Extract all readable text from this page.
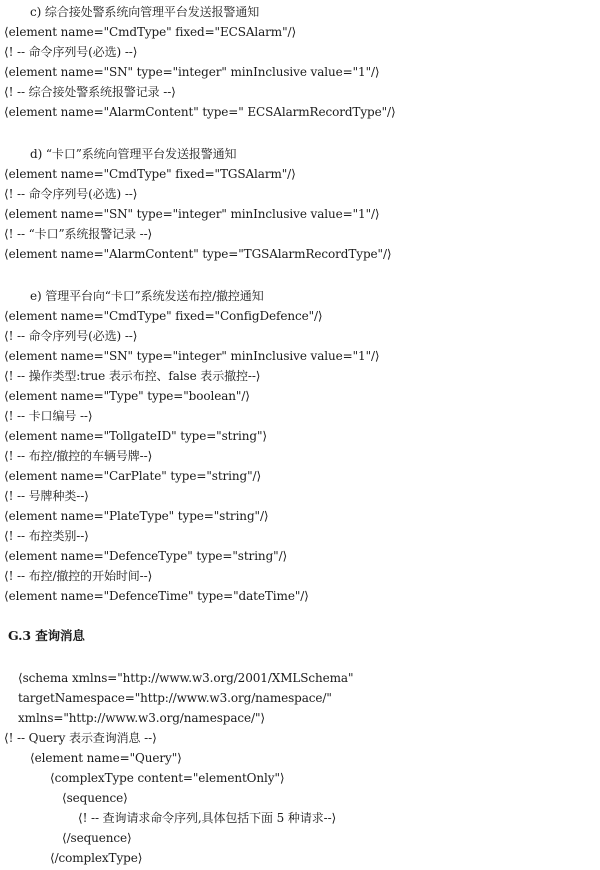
c) 综合接处警系统向管理平台发送报警通知
⟨element name="CmdType" fixed="ECSAlarm"/⟩
⟨! -- 命令序列号(必选) --⟩
⟨element name="SN" type="integer" minInclusive value="1"/⟩
⟨! -- 综合接处警系统报警记录 --⟩
⟨element name="AlarmContent" type=" ECSAlarmRecordType"/⟩
d) “卡口”系统向管理平台发送报警通知
⟨element name="CmdType" fixed="TGSAlarm"/⟩
⟨! -- 命令序列号(必选) --⟩
⟨element name="SN" type="integer" minInclusive value="1"/⟩
⟨! -- “卡口”系统报警记录 --⟩
⟨element name="AlarmContent" type="TGSAlarmRecordType"/⟩
e) 管理平台向“卡口”系统发送布控/撤控通知
⟨element name="CmdType" fixed="ConfigDefence"/⟩
⟨! -- 命令序列号(必选) --⟩
⟨element name="SN" type="integer" minInclusive value="1"/⟩
⟨! -- 操作类型:true 表示布控、false 表示撤控--⟩
⟨element name="Type" type="boolean"/⟩
⟨! -- 卡口编号 --⟩
⟨element name="TollgateID" type="string"⟩
⟨! -- 布控/撤控的车辆号牌--⟩
⟨element name="CarPlate" type="string"/⟩
⟨! -- 号牌种类--⟩
⟨element name="PlateType" type="string"/⟩
⟨! -- 布控类别--⟩
⟨element name="DefenceType" type="string"/⟩
⟨! -- 布控/撤控的开始时间--⟩
⟨element name="DefenceTime" type="dateTime"/⟩
G.3 查询消息
⟨schema xmlns="http://www.w3.org/2001/XMLSchema"
targetNamespace="http://www.w3.org/namespace/"
xmlns="http://www.w3.org/namespace/"⟩
⟨! -- Query 表示查询消息 --⟩
⟨element name="Query"⟩
⟨complexType content="elementOnly"⟩
⟨sequence⟩
⟨! -- 查询请求命令序列,具体包括下面 5 种请求--⟩
⟨/sequence⟩
⟨/complexType⟩
